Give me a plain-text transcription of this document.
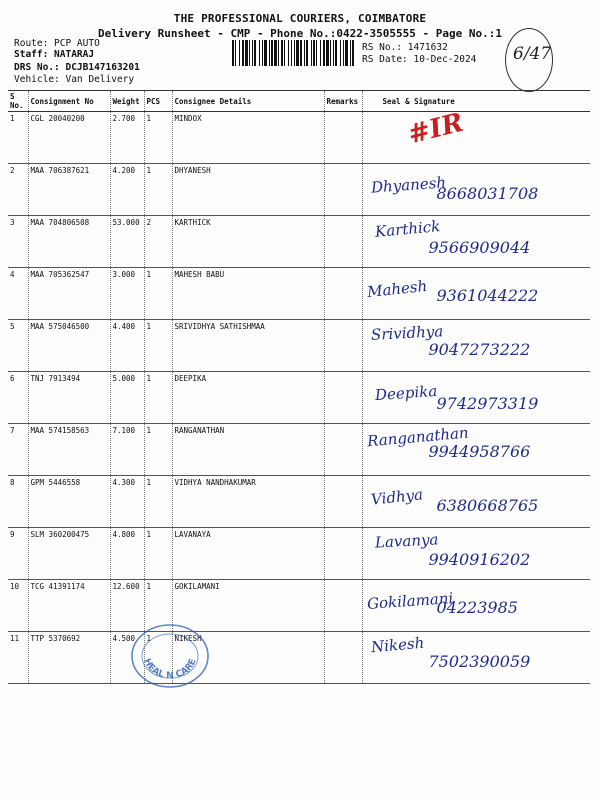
THE PROFESSIONAL COURIERS, COIMBATORE
Delivery Runsheet - CMP - Phone No.:0422-3505555 - Page No.:1
Route: PCP AUTO
Staff: NATARAJ
DRS No.: DCJB147163201
Vehicle: Van Delivery
RS No.: 1471632
RS Date: 10-Dec-2024 6/47
S No.	Consignment No	Weight	PCS	Consignee Details	Remarks	Seal & Signature
1	CGL 20040200	2.700	1	MINDOX		#IR

2	MAA 706387621	4.200	1	DHYANESH		Dhyanesh
8668031708

3	MAA 704806508	53.000	2	KARTHICK		Karthick
9566909044

4	MAA 705362547	3.000	1	MAHESH BABU		Mahesh 9361044222

5	MAA 575046500	4.400	1	SRIVIDHYA SATHISHMAA		Srividhya
9047273222

6	TNJ 7913494	5.000	1	DEEPIKA		Deepika 9742973319

7	MAA 574158563	7.100	1	RANGANATHAN		Ranganathan
9944958766

8	GPM 5446558	4.300	1	VIDHYA NANDHAKUMAR		Vidhya 6380668765

9	SLM 360200475	4.800	1	LAVANAYA		Lavanya
9940916202

10	TCG 41391174	12.600	1	GOKILAMANI		Gokilamani
04223985

11	TTP 5370692	4.500	1	NIKESH		Nikesh
7502390059
HEAL N CARE
